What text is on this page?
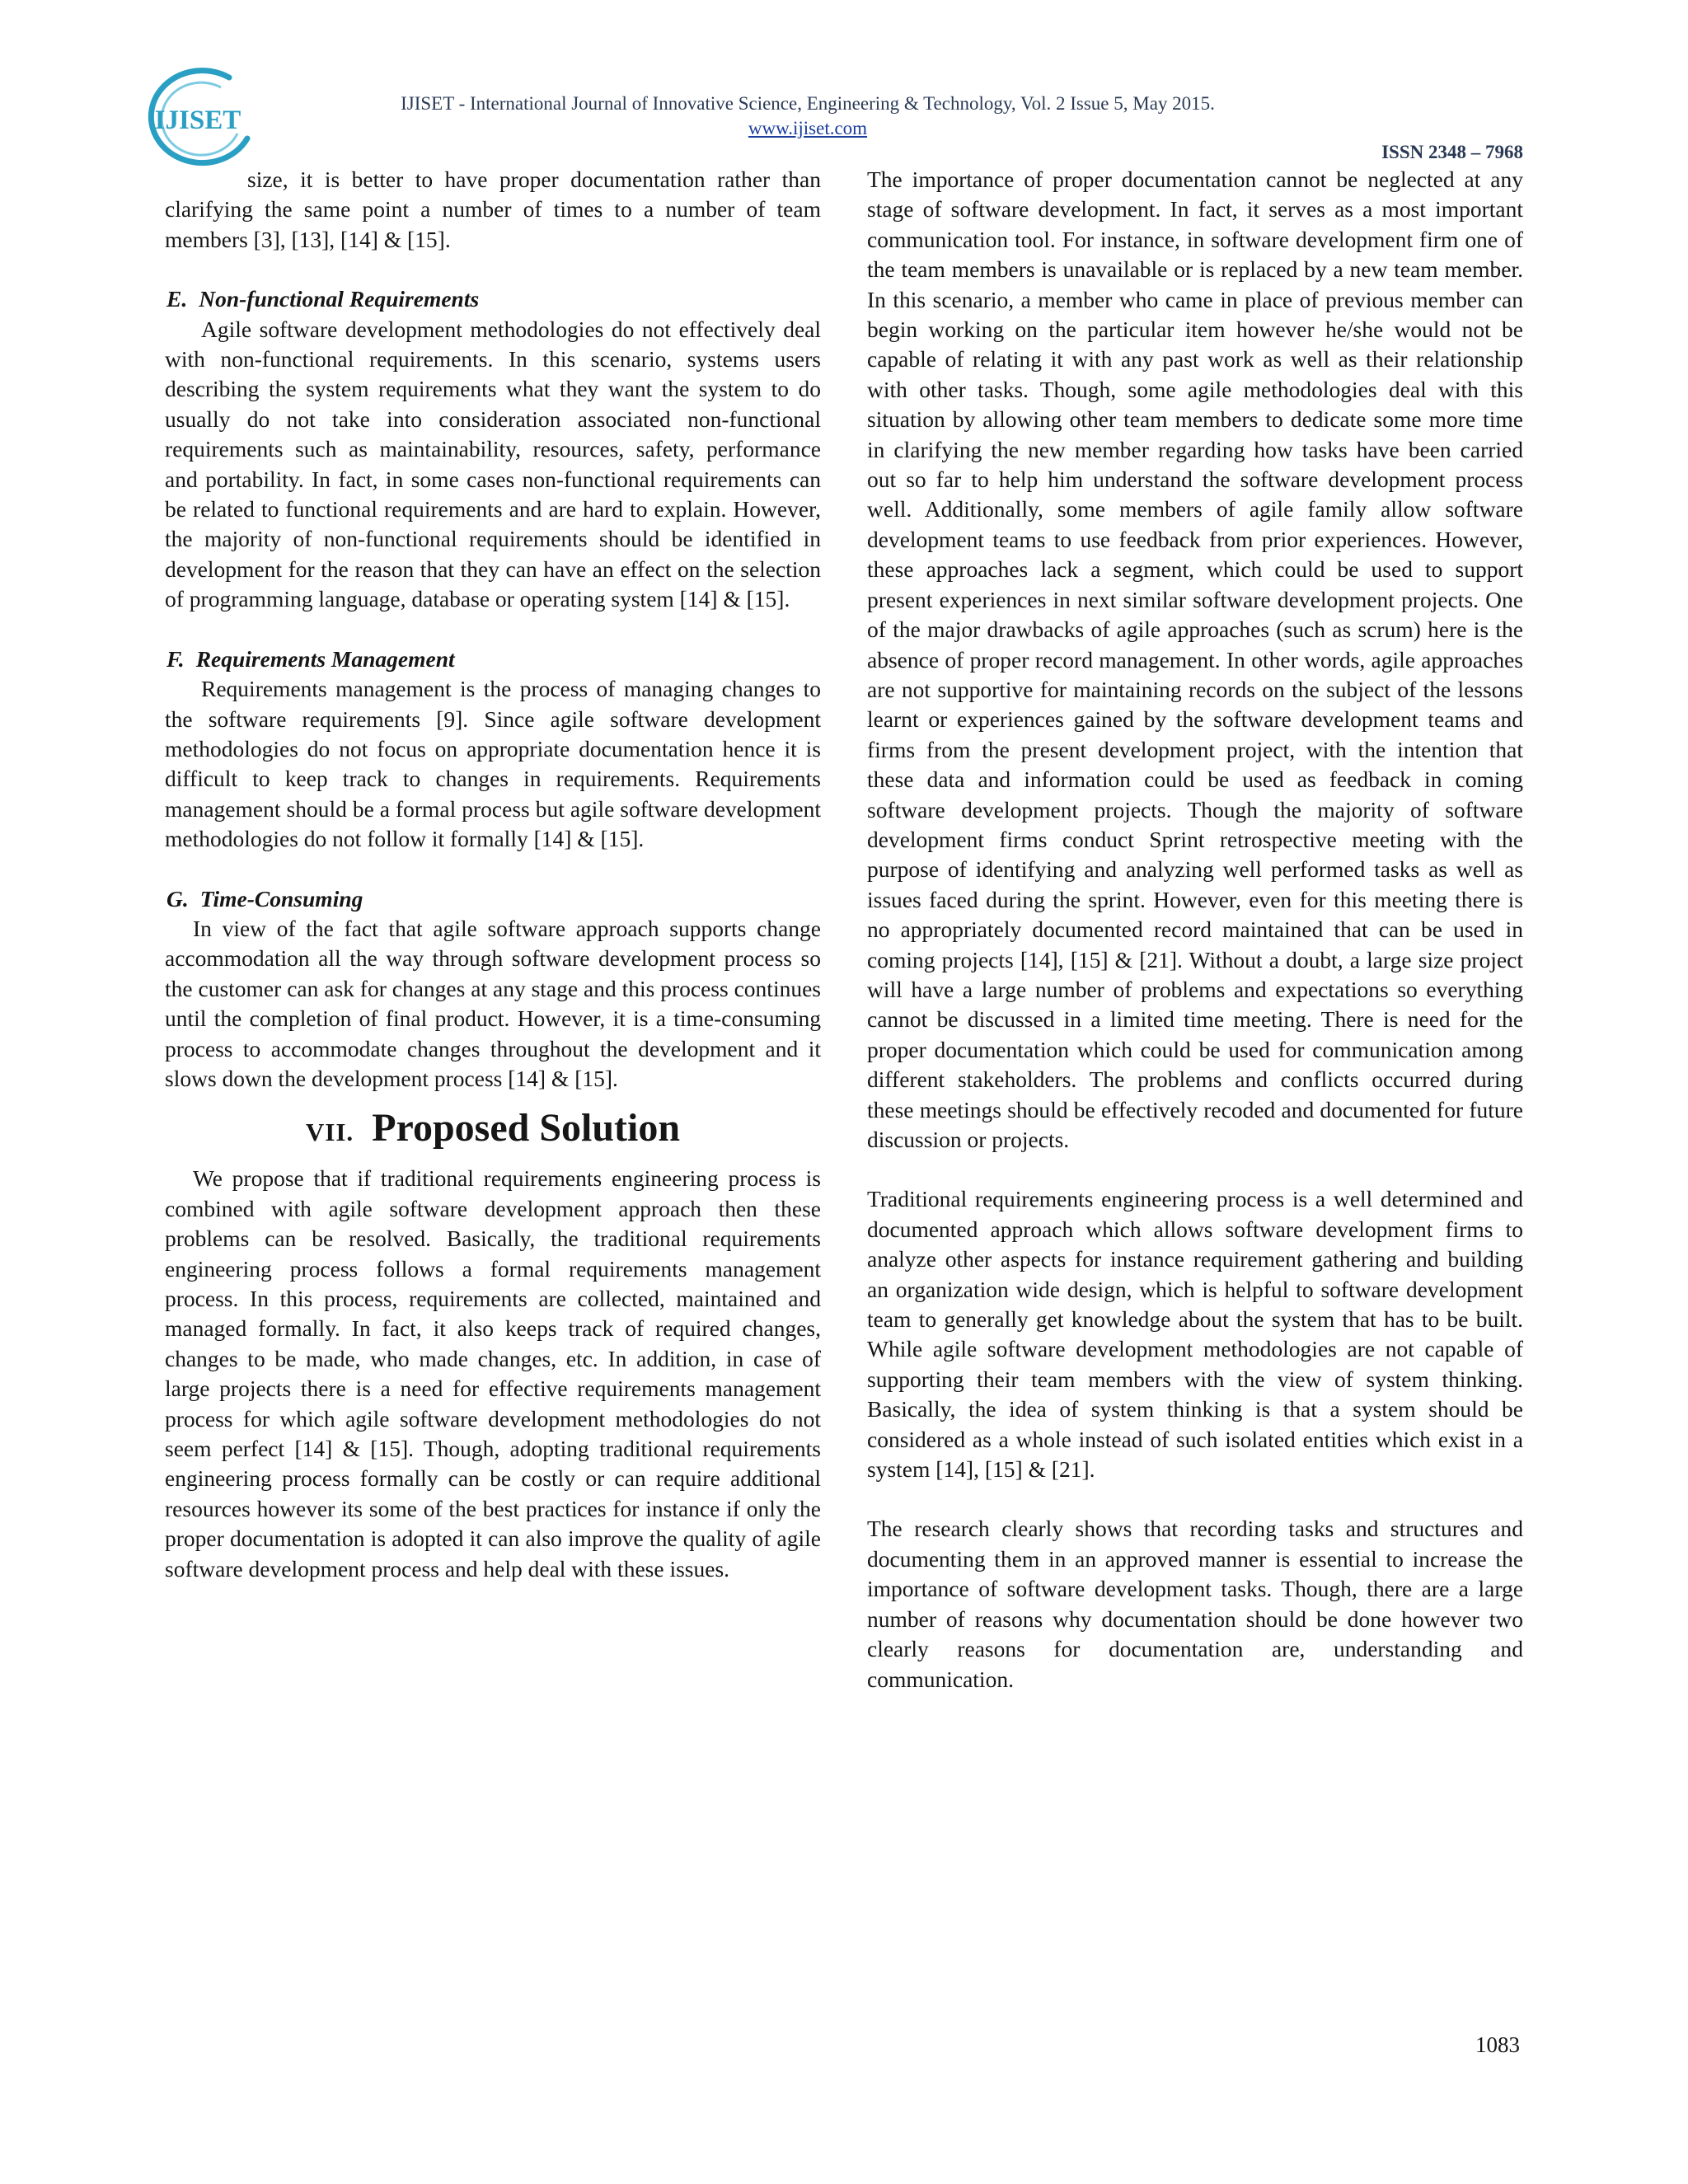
IJISET
IJISET - International Journal of Innovative Science, Engineering & Technology, Vol. 2 Issue 5, May 2015.
www.ijiset.com
ISSN 2348 – 7968

size, it is better to have proper documentation rather than clarifying the same point a number of times to a number of team members [3], [13], [14] & [15].

E. Non-functional Requirements

Agile software development methodologies do not effectively deal with non-functional requirements. In this scenario, systems users describing the system requirements what they want the system to do usually do not take into consideration associated non-functional requirements such as maintainability, resources, safety, performance and portability. In fact, in some cases non-functional requirements can be related to functional requirements and are hard to explain. However, the majority of non-functional requirements should be identified in development for the reason that they can have an effect on the selection of programming language, database or operating system [14] & [15].

F. Requirements Management

Requirements management is the process of managing changes to the software requirements [9]. Since agile software development methodologies do not focus on appropriate documentation hence it is difficult to keep track to changes in requirements. Requirements management should be a formal process but agile software development methodologies do not follow it formally [14] & [15].

G. Time-Consuming

In view of the fact that agile software approach supports change accommodation all the way through software development process so the customer can ask for changes at any stage and this process continues until the completion of final product. However, it is a time-consuming process to accommodate changes throughout the development and it slows down the development process [14] & [15].

VII. Proposed Solution

We propose that if traditional requirements engineering process is combined with agile software development approach then these problems can be resolved. Basically, the traditional requirements engineering process follows a formal requirements management process. In this process, requirements are collected, maintained and managed formally. In fact, it also keeps track of required changes, changes to be made, who made changes, etc. In addition, in case of large projects there is a need for effective requirements management process for which agile software development methodologies do not seem perfect [14] & [15]. Though, adopting traditional requirements engineering process formally can be costly or can require additional resources however its some of the best practices for instance if only the proper documentation is adopted it can also improve the quality of agile software development process and help deal with these issues.

The importance of proper documentation cannot be neglected at any stage of software development. In fact, it serves as a most important communication tool. For instance, in software development firm one of the team members is unavailable or is replaced by a new team member. In this scenario, a member who came in place of previous member can begin working on the particular item however he/she would not be capable of relating it with any past work as well as their relationship with other tasks. Though, some agile methodologies deal with this situation by allowing other team members to dedicate some more time in clarifying the new member regarding how tasks have been carried out so far to help him understand the software development process well. Additionally, some members of agile family allow software development teams to use feedback from prior experiences. However, these approaches lack a segment, which could be used to support present experiences in next similar software development projects. One of the major drawbacks of agile approaches (such as scrum) here is the absence of proper record management. In other words, agile approaches are not supportive for maintaining records on the subject of the lessons learnt or experiences gained by the software development teams and firms from the present development project, with the intention that these data and information could be used as feedback in coming software development projects. Though the majority of software development firms conduct Sprint retrospective meeting with the purpose of identifying and analyzing well performed tasks as well as issues faced during the sprint. However, even for this meeting there is no appropriately documented record maintained that can be used in coming projects [14], [15] & [21]. Without a doubt, a large size project will have a large number of problems and expectations so everything cannot be discussed in a limited time meeting. There is need for the proper documentation which could be used for communication among different stakeholders. The problems and conflicts occurred during these meetings should be effectively recoded and documented for future discussion or projects.

Traditional requirements engineering process is a well determined and documented approach which allows software development firms to analyze other aspects for instance requirement gathering and building an organization wide design, which is helpful to software development team to generally get knowledge about the system that has to be built. While agile software development methodologies are not capable of supporting their team members with the view of system thinking. Basically, the idea of system thinking is that a system should be considered as a whole instead of such isolated entities which exist in a system [14], [15] & [21].

The research clearly shows that recording tasks and structures and documenting them in an approved manner is essential to increase the importance of software development tasks. Though, there are a large number of reasons why documentation should be done however two clearly reasons for documentation are, understanding and communication.

1083
